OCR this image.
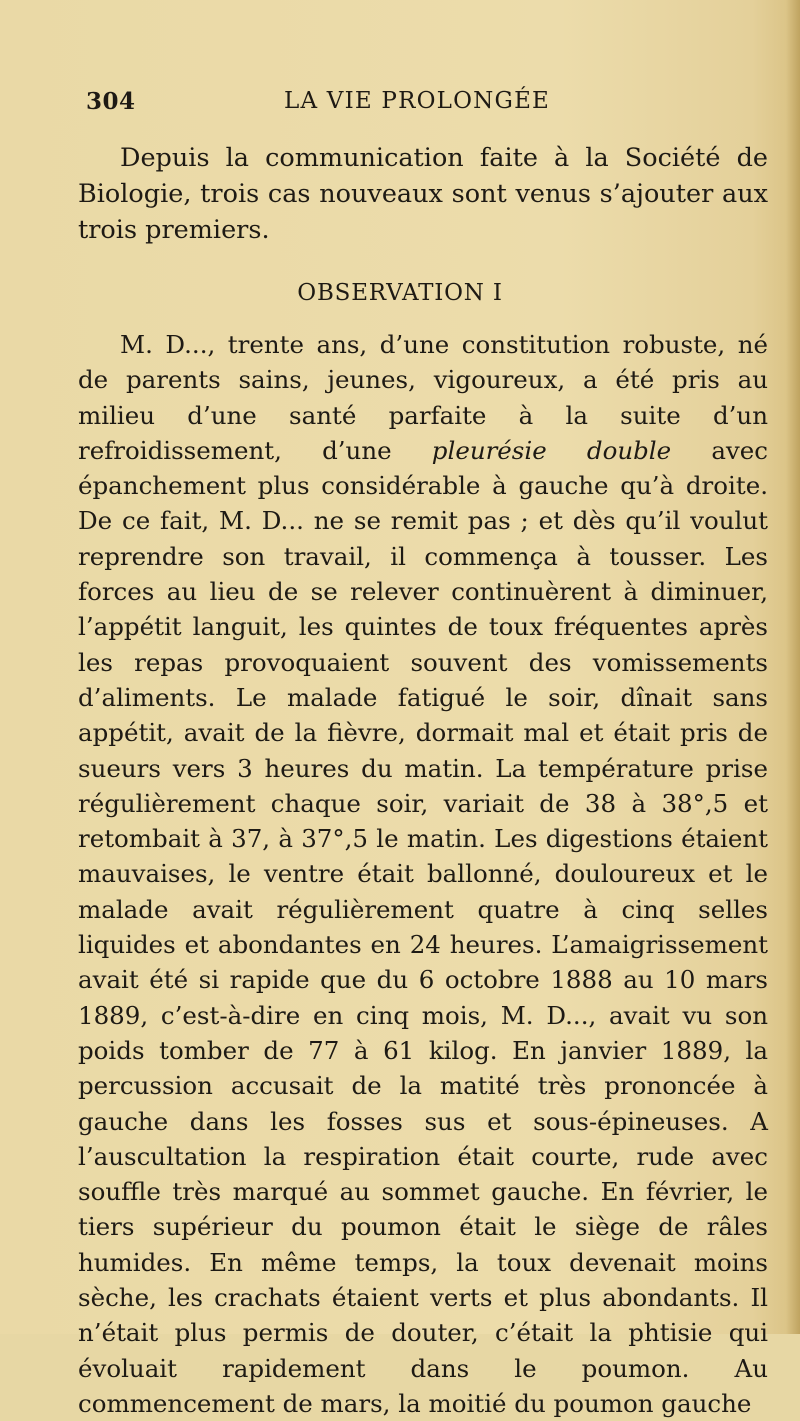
304	LA VIE PROLONGÉE

Depuis la communication faite à la Société de Biologie, trois cas nouveaux sont venus s’ajouter aux trois premiers.

OBSERVATION I

M. D..., trente ans, d’une constitution robuste, né de parents sains, jeunes, vigoureux, a été pris au milieu d’une santé parfaite à la suite d’un refroidissement, d’une pleurésie double avec épanchement plus considérable à gauche qu’à droite. De ce fait, M. D... ne se remit pas ; et dès qu’il voulut reprendre son travail, il commença à tousser. Les forces au lieu de se relever continuèrent à diminuer, l’appétit languit, les quintes de toux fréquentes après les repas provoquaient souvent des vomissements d’aliments. Le malade fatigué le soir, dînait sans appétit, avait de la fièvre, dormait mal et était pris de sueurs vers 3 heures du matin. La température prise régulièrement chaque soir, variait de 38 à 38°,5 et retombait à 37, à 37°,5 le matin. Les digestions étaient mauvaises, le ventre était ballonné, douloureux et le malade avait régulièrement quatre à cinq selles liquides et abondantes en 24 heures. L’amaigrissement avait été si rapide que du 6 octobre 1888 au 10 mars 1889, c’est-à-dire en cinq mois, M. D..., avait vu son poids tomber de 77 à 61 kilog. En janvier 1889, la percussion accusait de la matité très prononcée à gauche dans les fosses sus et sous-épineuses. A l’auscultation la respiration était courte, rude avec souffle très marqué au sommet gauche. En février, le tiers supérieur du poumon était le siège de râles humides. En même temps, la toux devenait moins sèche, les crachats étaient verts et plus abondants. Il n’était plus permis de douter, c’était la phtisie qui évoluait rapidement dans le poumon. Au commencement de mars, la moitié du poumon gauche
